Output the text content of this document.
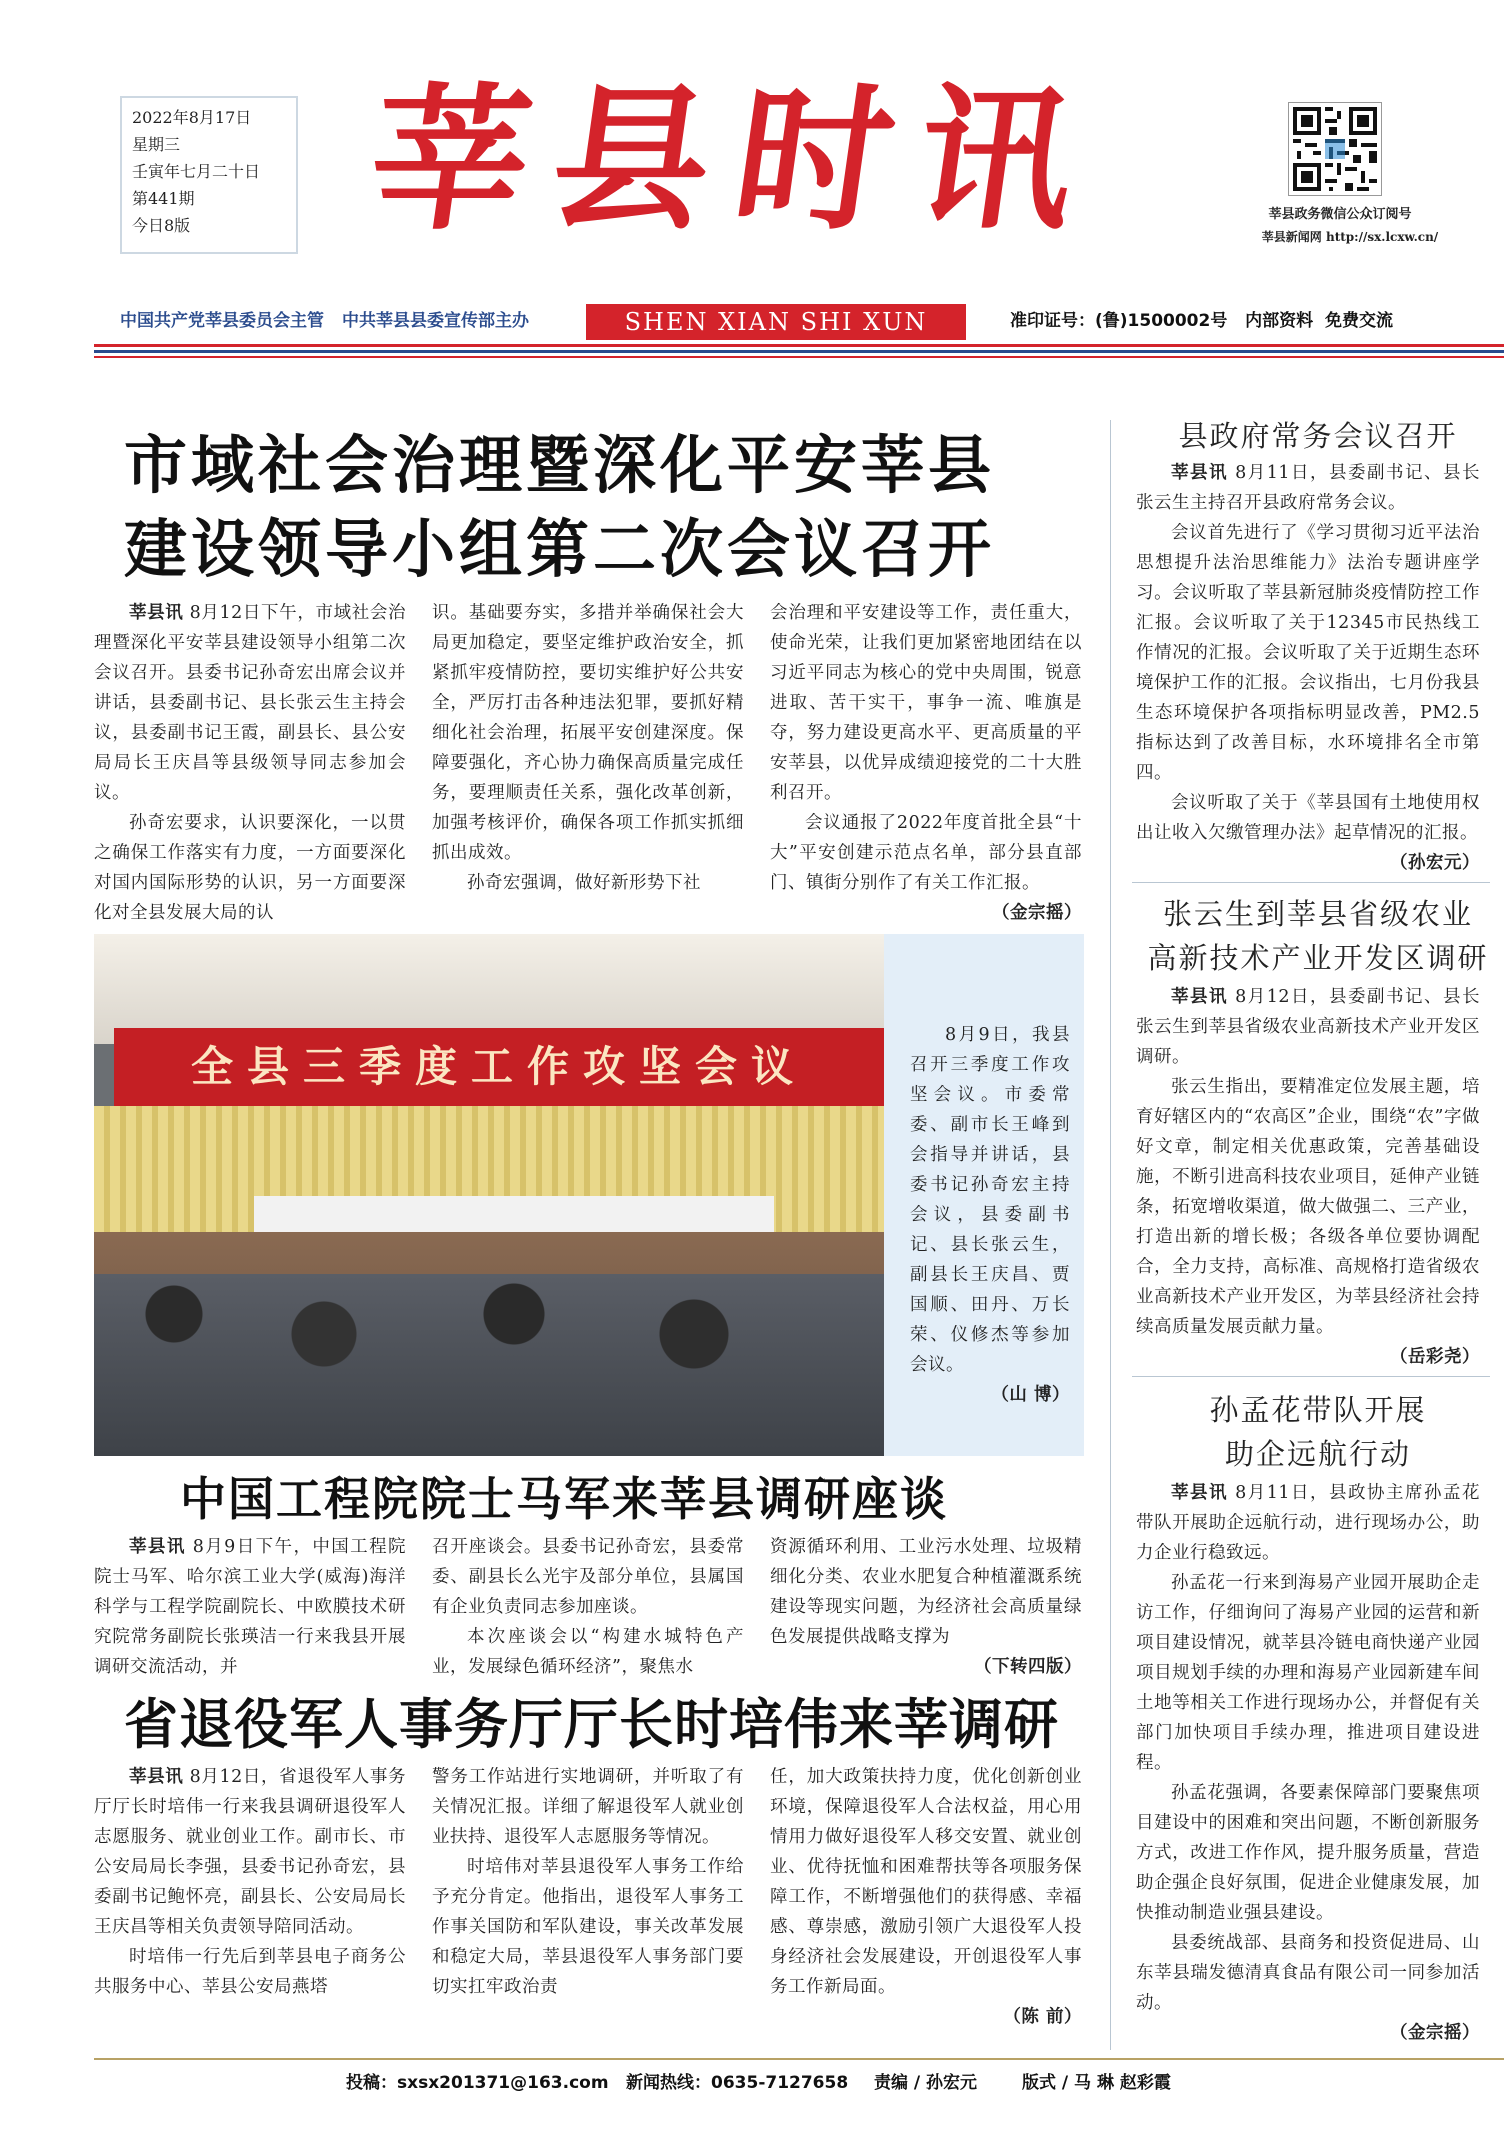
2022年8月17日
星期三
壬寅年七月二十日
第441期
今日8版	莘县时讯	莘县政务微信公众订阅号
莘县新闻网 http://sx.lcxw.cn/
中国共产党莘县委员会主管 中共莘县县委宣传部主办	SHEN XIAN SHI XUN	准印证号：(鲁)1500002号 内部资料 免费交流
市域社会治理暨深化平安莘县
建设领导小组第二次会议召开

莘县讯 8月12日下午，市域社会治理暨深化平安莘县建设领导小组第二次会议召开。县委书记孙奇宏出席会议并讲话，县委副书记、县长张云生主持会议，县委副书记王霞，副县长、县公安局局长王庆昌等县级领导同志参加会议。

孙奇宏要求，认识要深化，一以贯之确保工作落实有力度，一方面要深化对国内国际形势的认识，另一方面要深化对全县发展大局的认

识。基础要夯实，多措并举确保社会大局更加稳定，要坚定维护政治安全，抓紧抓牢疫情防控，要切实维护好公共安全，严厉打击各种违法犯罪，要抓好精细化社会治理，拓展平安创建深度。保障要强化，齐心协力确保高质量完成任务，要理顺责任关系，强化改革创新，加强考核评价，确保各项工作抓实抓细抓出成效。

孙奇宏强调，做好新形势下社

会治理和平安建设等工作，责任重大，使命光荣，让我们更加紧密地团结在以习近平同志为核心的党中央周围，锐意进取、苦干实干，事争一流、唯旗是夺，努力建设更高水平、更高质量的平安莘县，以优异成绩迎接党的二十大胜利召开。

会议通报了2022年度首批全县“十大”平安创建示范点名单，部分县直部门、镇街分别作了有关工作汇报。

（金宗摇）

全县三季度工作攻坚会议

8月9日，我县召开三季度工作攻坚会议。市委常委、副市长王峰到会指导并讲话，县委书记孙奇宏主持会议，县委副书记、县长张云生，副县长王庆昌、贾国顺、田丹、万长荣、仪修杰等参加会议。

（山 博）

中国工程院院士马军来莘县调研座谈

莘县讯 8月9日下午，中国工程院院士马军、哈尔滨工业大学(威海)海洋科学与工程学院副院长、中欧膜技术研究院常务副院长张瑛洁一行来我县开展调研交流活动，并

召开座谈会。县委书记孙奇宏，县委常委、副县长么光宇及部分单位，县属国有企业负责同志参加座谈。

本次座谈会以“构建水城特色产业，发展绿色循环经济”，聚焦水

资源循环利用、工业污水处理、垃圾精细化分类、农业水肥复合种植灌溉系统建设等现实问题，为经济社会高质量绿色发展提供战略支撑为

（下转四版）

省退役军人事务厅厅长时培伟来莘调研

莘县讯 8月12日，省退役军人事务厅厅长时培伟一行来我县调研退役军人志愿服务、就业创业工作。副市长、市公安局局长李强，县委书记孙奇宏，县委副书记鲍怀亮，副县长、公安局局长王庆昌等相关负责领导陪同活动。

时培伟一行先后到莘县电子商务公共服务中心、莘县公安局燕塔

警务工作站进行实地调研，并听取了有关情况汇报。详细了解退役军人就业创业扶持、退役军人志愿服务等情况。

时培伟对莘县退役军人事务工作给予充分肯定。他指出，退役军人事务工作事关国防和军队建设，事关改革发展和稳定大局，莘县退役军人事务部门要切实扛牢政治责

任，加大政策扶持力度，优化创新创业环境，保障退役军人合法权益，用心用情用力做好退役军人移交安置、就业创业、优待抚恤和困难帮扶等各项服务保障工作，不断增强他们的获得感、幸福感、尊崇感，激励引领广大退役军人投身经济社会发展建设，开创退役军人事务工作新局面。

（陈 前）

县政府常务会议召开

莘县讯 8月11日，县委副书记、县长张云生主持召开县政府常务会议。

会议首先进行了《学习贯彻习近平法治思想提升法治思维能力》法治专题讲座学习。会议听取了莘县新冠肺炎疫情防控工作汇报。会议听取了关于12345市民热线工作情况的汇报。会议听取了关于近期生态环境保护工作的汇报。会议指出，七月份我县生态环境保护各项指标明显改善，PM2.5指标达到了改善目标，水环境排名全市第四。

会议听取了关于《莘县国有土地使用权出让收入欠缴管理办法》起草情况的汇报。

（孙宏元）

张云生到莘县省级农业
高新技术产业开发区调研

莘县讯 8月12日，县委副书记、县长张云生到莘县省级农业高新技术产业开发区调研。

张云生指出，要精准定位发展主题，培育好辖区内的“农高区”企业，围绕“农”字做好文章，制定相关优惠政策，完善基础设施，不断引进高科技农业项目，延伸产业链条，拓宽增收渠道，做大做强二、三产业，打造出新的增长极；各级各单位要协调配合，全力支持，高标准、高规格打造省级农业高新技术产业开发区，为莘县经济社会持续高质量发展贡献力量。

（岳彩尧）

孙孟花带队开展
助企远航行动

莘县讯 8月11日，县政协主席孙孟花带队开展助企远航行动，进行现场办公，助力企业行稳致远。

孙孟花一行来到海易产业园开展助企走访工作，仔细询问了海易产业园的运营和新项目建设情况，就莘县冷链电商快递产业园项目规划手续的办理和海易产业园新建车间土地等相关工作进行现场办公，并督促有关部门加快项目手续办理，推进项目建设进程。

孙孟花强调，各要素保障部门要聚焦项目建设中的困难和突出问题，不断创新服务方式，改进工作作风，提升服务质量，营造助企强企良好氛围，促进企业健康发展，加快推动制造业强县建设。

县委统战部、县商务和投资促进局、山东莘县瑞发德清真食品有限公司一同参加活动。

（金宗摇）

投稿：sxsx201371@163.com 新闻热线：0635-7127658 责编 / 孙宏元	版式 / 马 琳 赵彩霞
